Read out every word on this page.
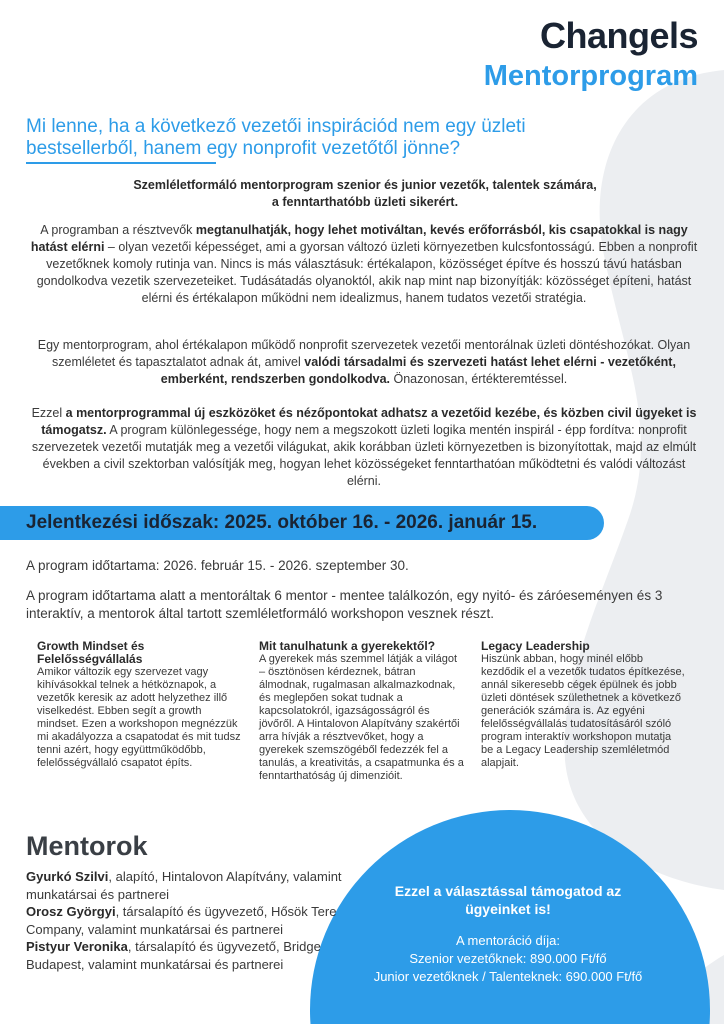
Changels
Mentorprogram
Mi lenne, ha a következő vezetői inspirációd nem egy üzleti bestsellerből, hanem egy nonprofit vezetőtől jönne?
Szemléletformáló mentorprogram szenior és junior vezetők, talentek számára,
a fenntarthatóbb üzleti sikerért.
A programban a résztvevők megtanulhatják, hogy lehet motiváltan, kevés erőforrásból, kis csapatokkal is nagy hatást elérni – olyan vezetői képességet, ami a gyorsan változó üzleti környezetben kulcsfontosságú. Ebben a nonprofit vezetőknek komoly rutinja van. Nincs is más választásuk: értékalapon, közösséget építve és hosszú távú hatásban gondolkodva vezetik szervezeteiket. Tudásátadás olyanoktól, akik nap mint nap bizonyítják: közösséget építeni, hatást elérni és értékalapon működni nem idealizmus, hanem tudatos vezetői stratégia.
Egy mentorprogram, ahol értékalapon működő nonprofit szervezetek vezetői mentorálnak üzleti döntéshozókat. Olyan szemléletet és tapasztalatot adnak át, amivel valódi társadalmi és szervezeti hatást lehet elérni - vezetőként, emberként, rendszerben gondolkodva. Önazonosan, értékteremtéssel.
Ezzel a mentorprogrammal új eszközöket és nézőpontokat adhatsz a vezetőid kezébe, és közben civil ügyeket is támogatsz. A program különlegessége, hogy nem a megszokott üzleti logika mentén inspirál - épp fordítva: nonprofit szervezetek vezetői mutatják meg a vezetői világukat, akik korábban üzleti környezetben is bizonyítottak, majd az elmúlt években a civil szektorban valósítják meg, hogyan lehet közösségeket fenntarthatóan működtetni és valódi változást elérni.
Jelentkezési időszak: 2025. október 16. - 2026. január 15.
A program időtartama: 2026. február 15. - 2026. szeptember 30.
A program időtartama alatt a mentoráltak 6 mentor - mentee találkozón, egy nyitó- és záróeseményen és 3 interaktív, a mentorok által tartott szemléletformáló workshopon vesznek részt.
Growth Mindset és Felelősségvállalás
Amikor változik egy szervezet vagy kihívásokkal telnek a hétköznapok, a vezetők keresik az adott helyzethez illő viselkedést. Ebben segít a growth mindset. Ezen a workshopon megnézzük mi akadályozza a csapatodat és mit tudsz tenni azért, hogy együttműködőbb, felelősségvállaló csapatot építs.
Mit tanulhatunk a gyerekektől?
A gyerekek más szemmel látják a világot – ösztönösen kérdeznek, bátran álmodnak, rugalmasan alkalmazkodnak, és meglepően sokat tudnak a kapcsolatokról, igazságosságról és jövőről. A Hintalovon Alapítvány szakértői arra hívják a résztvevőket, hogy a gyerekek szemszögéből fedezzék fel a tanulás, a kreativitás, a csapatmunka és a fenntarthatóság új dimenzióit.
Legacy Leadership
Hiszünk abban, hogy minél előbb kezdődik el a vezetők tudatos építkezése, annál sikeresebb cégek épülnek és jobb üzleti döntések születhetnek a következő generációk számára is. Az egyéni felelősségvállalás tudatosításáról szóló program interaktív workshopon mutatja be a Legacy Leadership szemléletmód alapjait.
Mentorok
Gyurkó Szilvi, alapító, Hintalovon Alapítvány, valamint munkatársai és partnerei
Orosz Györgyi, társalapító és ügyvezető, Hősök Tere Company, valamint munkatársai és partnerei
Pistyur Veronika, társalapító és ügyvezető, Bridge Budapest, valamint munkatársai és partnerei
Ezzel a választással támogatod az ügyeinket is!
A mentoráció díja:
Szenior vezetőknek: 890.000 Ft/fő
Junior vezetőknek / Talenteknek: 690.000 Ft/fő
